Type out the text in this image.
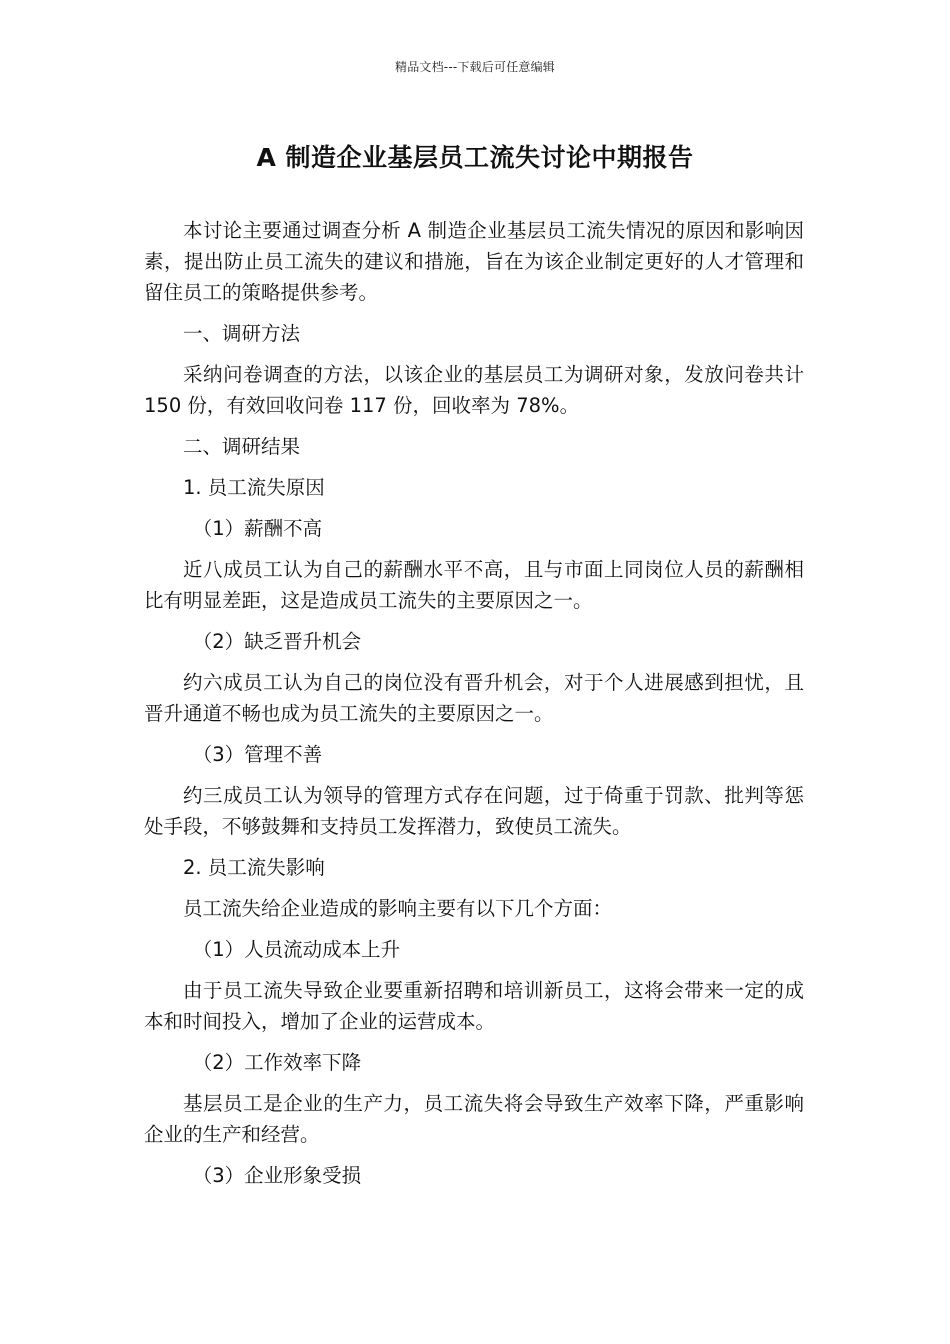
精品文档---下载后可任意编辑
A 制造企业基层员工流失讨论中期报告

本讨论主要通过调查分析 A 制造企业基层员工流失情况的原因和影响因素，提出防止员工流失的建议和措施，旨在为该企业制定更好的人才管理和留住员工的策略提供参考。

一、调研方法

采纳问卷调查的方法，以该企业的基层员工为调研对象，发放问卷共计 150 份，有效回收问卷 117 份，回收率为 78%。

二、调研结果

1. 员工流失原因

（1）薪酬不高

近八成员工认为自己的薪酬水平不高，且与市面上同岗位人员的薪酬相比有明显差距，这是造成员工流失的主要原因之一。

（2）缺乏晋升机会

约六成员工认为自己的岗位没有晋升机会，对于个人进展感到担忧，且晋升通道不畅也成为员工流失的主要原因之一。

（3）管理不善

约三成员工认为领导的管理方式存在问题，过于倚重于罚款、批判等惩处手段，不够鼓舞和支持员工发挥潜力，致使员工流失。

2. 员工流失影响

员工流失给企业造成的影响主要有以下几个方面：

（1）人员流动成本上升

由于员工流失导致企业要重新招聘和培训新员工，这将会带来一定的成本和时间投入，增加了企业的运营成本。

（2）工作效率下降

基层员工是企业的生产力，员工流失将会导致生产效率下降，严重影响企业的生产和经营。

（3）企业形象受损
